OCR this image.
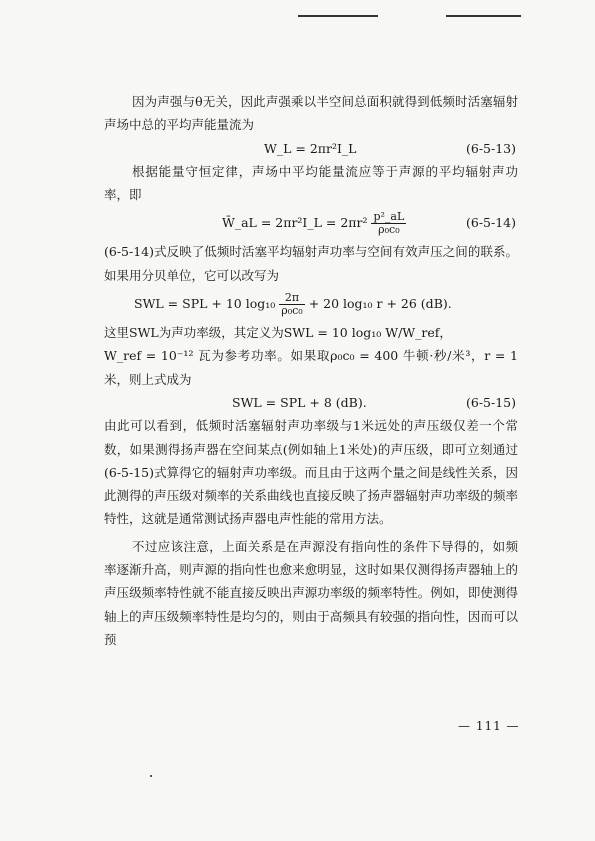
因为声强与θ无关，因此声强乘以半空间总面积就得到低频时活塞辐射声场中总的平均声能量流为

W_L = 2πr²I_L	(6-5-13)

根据能量守恒定律，声场中平均能量流应等于声源的平均辐射声功率，即

W̄_aL = 2πr²I_L = $2\pi r^2 \frac{\text{p²\_aL}}{\text{ρ₀c₀}}$	(6-5-14)

(6-5-14)式反映了低频时活塞平均辐射声功率与空间有效声压之间的联系。如果用分贝单位，它可以改写为

SWL = SPL + 10 $\log_{10} \frac{2\pi}{\text{ρ₀c₀}} + 20$ log₁₀ r + 26 (dB).

这里SWL为声功率级，其定义为SWL = 10 log₁₀ W/W_ref，

W_ref = 10⁻¹² 瓦为参考功率。如果取ρ₀c₀ = 400 牛顿·秒/米³，r = 1 米，则上式成为

SWL = SPL + 8 (dB).	(6-5-15)

由此可以看到，低频时活塞辐射声功率级与1米远处的声压级仅差一个常数，如果测得扬声器在空间某点(例如轴上1米处)的声压级，即可立刻通过(6-5-15)式算得它的辐射声功率级。而且由于这两个量之间是线性关系，因此测得的声压级对频率的关系曲线也直接反映了扬声器辐射声功率级的频率特性，这就是通常测试扬声器电声性能的常用方法。

不过应该注意，上面关系是在声源没有指向性的条件下导得的，如频率逐渐升高，则声源的指向性也愈来愈明显，这时如果仅测得扬声器轴上的声压级频率特性就不能直接反映出声源功率级的频率特性。例如，即使测得轴上的声压级频率特性是均匀的，则由于高频具有较强的指向性，因而可以预

— 111 —
